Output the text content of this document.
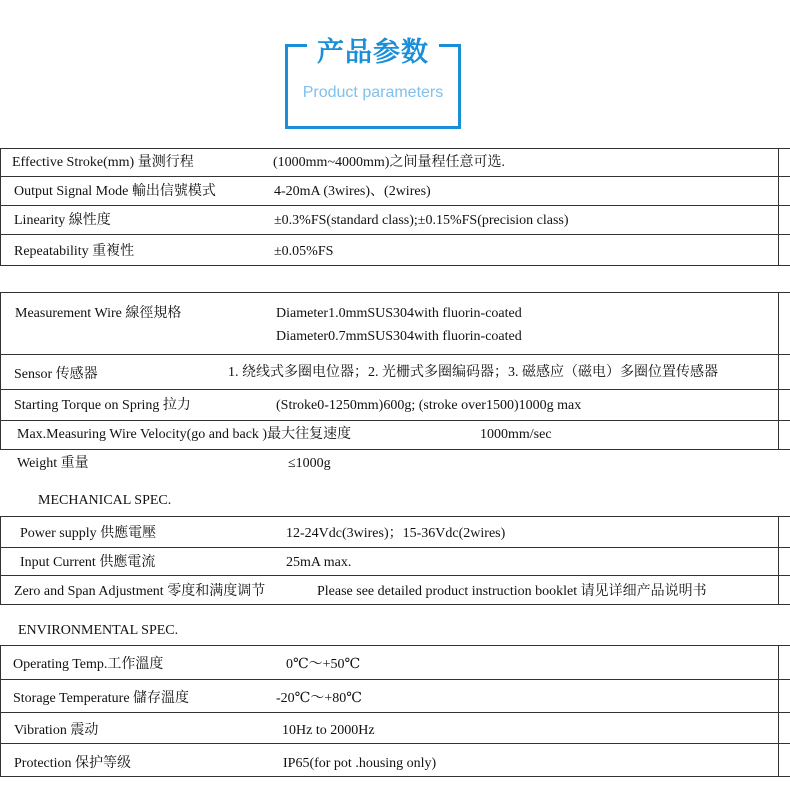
产品参数
Product parameters
Effective Stroke(mm) 量测行程	(1000mm~4000mm)之间量程任意可选.
Output Signal Mode 輸出信號模式	4-20mA (3wires)、(2wires)
Linearity 線性度	±0.3%FS(standard class);±0.15%FS(precision class)
Repeatability 重複性	±0.05%FS
Measurement Wire 線徑規格	Diameter1.0mmSUS304with fluorin-coated
Diameter0.7mmSUS304with fluorin-coated
Sensor 传感器	1. 绕线式多圈电位器；2. 光栅式多圈编码器；3. 磁感应（磁电）多圈位置传感器
Starting Torque on Spring 拉力	(Stroke0-1250mm)600g; (stroke over1500)1000g max
Max.Measuring Wire Velocity(go and back )最大往复速度	1000mm/sec
Weight 重量	≤1000g
MECHANICAL SPEC.
Power supply 供應電壓	12-24Vdc(3wires)；15-36Vdc(2wires)
Input Current 供應電流	25mA max.
Zero and Span Adjustment 零度和满度调节	Please see detailed product instruction booklet 请见详细产品说明书
ENVIRONMENTAL SPEC.
Operating Temp.工作溫度	0℃～+50℃
Storage Temperature 儲存溫度	-20℃～+80℃
Vibration 震动	10Hz to 2000Hz
Protection 保护等级	IP65(for pot .housing only)
